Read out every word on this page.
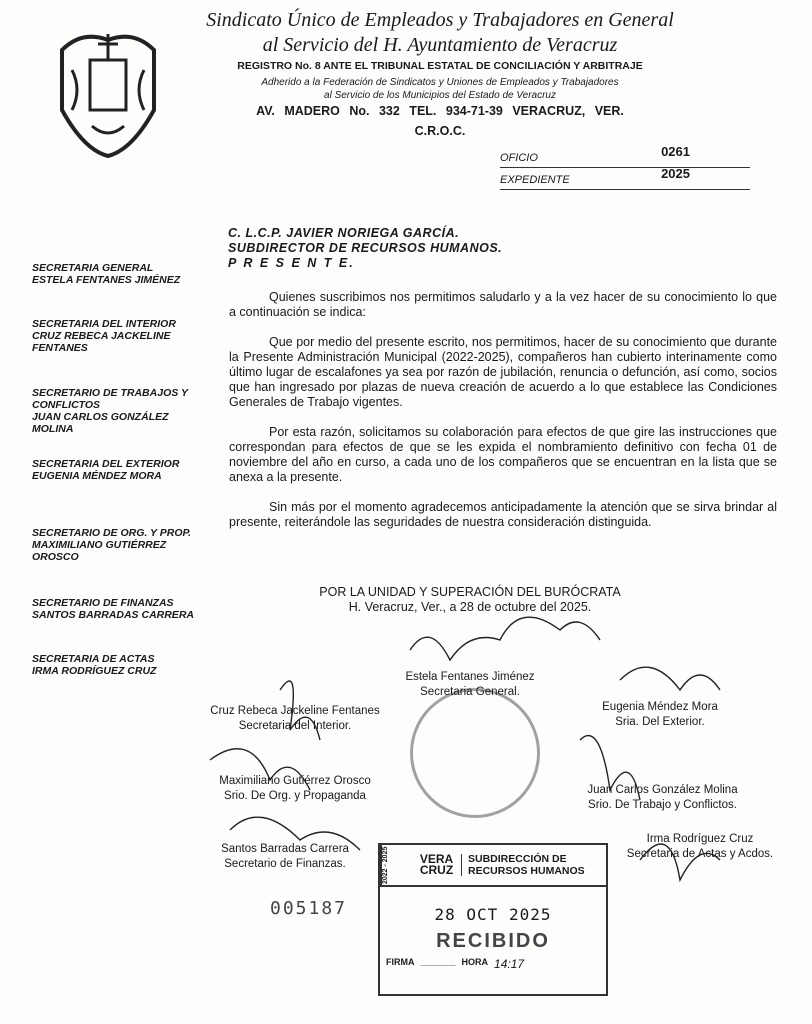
Sindicato Único de Empleados y Trabajadores en General
al Servicio del H. Ayuntamiento de Veracruz
REGISTRO No. 8 ANTE EL TRIBUNAL ESTATAL DE CONCILIACIÓN Y ARBITRAJE
Adherido a la Federación de Sindicatos y Uniones de Empleados y Trabajadores
al Servicio de los Municipios del Estado de Veracruz
AV. MADERO No. 332 TEL. 934-71-39 VERACRUZ, VER.
C.R.O.C.
OFICIO	0261
EXPEDIENTE	2025
C. L.C.P. JAVIER NORIEGA GARCÍA.
SUBDIRECTOR DE RECURSOS HUMANOS.
P R E S E N T E.
SECRETARIA GENERAL
ESTELA FENTANES JIMÉNEZ
SECRETARIA DEL INTERIOR
CRUZ REBECA JACKELINE FENTANES
SECRETARIO DE TRABAJOS Y CONFLICTOS
JUAN CARLOS GONZÁLEZ MOLINA
SECRETARIA DEL EXTERIOR
EUGENIA MÉNDEZ MORA
SECRETARIO DE ORG. Y PROP.
MAXIMILIANO GUTIÉRREZ OROSCO
SECRETARIO DE FINANZAS
SANTOS BARRADAS CARRERA
SECRETARIA DE ACTAS
IRMA RODRÍGUEZ CRUZ

Quienes suscribimos nos permitimos saludarlo y a la vez hacer de su conocimiento lo que a continuación se indica:

Que por medio del presente escrito, nos permitimos, hacer de su conocimiento que durante la Presente Administración Municipal (2022-2025), compañeros han cubierto interinamente como último lugar de escalafones ya sea por razón de jubilación, renuncia o defunción, así como, socios que han ingresado por plazas de nueva creación de acuerdo a lo que establece las Condiciones Generales de Trabajo vigentes.

Por esta razón, solicitamos su colaboración para efectos de que gire las instrucciones que correspondan para efectos de que se les expida el nombramiento definitivo con fecha 01 de noviembre del año en curso, a cada uno de los compañeros que se encuentran en la lista que se anexa a la presente.

Sin más por el momento agradecemos anticipadamente la atención que se sirva brindar al presente, reiterándole las seguridades de nuestra consideración distinguida.

POR LA UNIDAD Y SUPERACIÓN DEL BURÓCRATA
H. Veracruz, Ver., a 28 de octubre del 2025.
Estela Fentanes Jiménez
Secretaria General.
Cruz Rebeca Jackeline Fentanes
Secretaria del Interior.
Eugenia Méndez Mora
Sria. Del Exterior.
Maximiliano Gutiérrez Orosco
Srio. De Org. y Propaganda	Juan Carlos González Molina
Srio. De Trabajo y Conflictos.
Irma Rodríguez Cruz
Secretaria de Actas y Acdos.
Santos Barradas Carrera
Secretario de Finanzas.
005187
2022 - 2025	VERA CRUZ
SUBDIRECCIÓN DE
RECURSOS HUMANOS
28 OCT 2025
RECIBIDO
FIRMA _______ HORA 14:17
